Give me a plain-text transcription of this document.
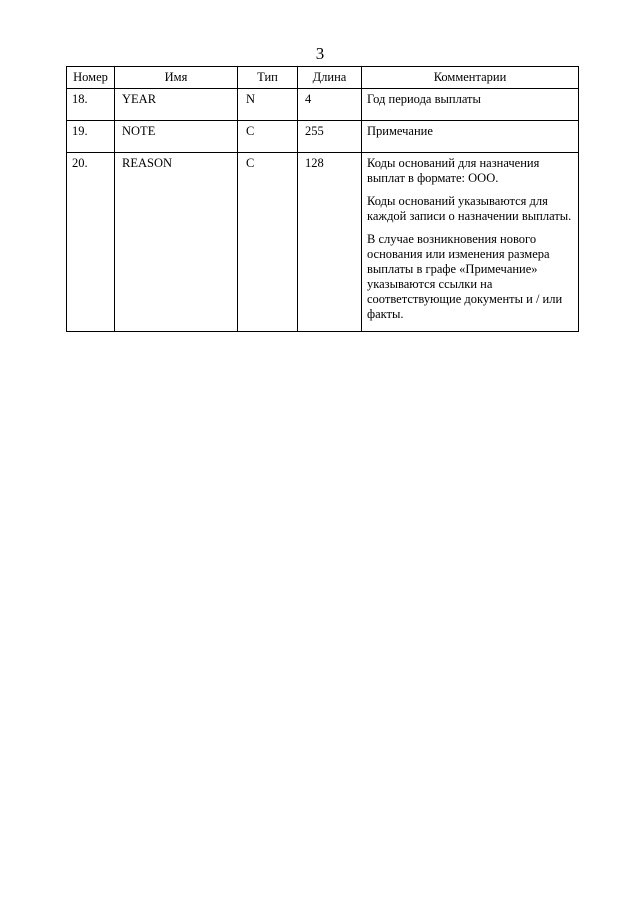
3
Номер	Имя	Тип	Длина	Комментарии
18.	YEAR	N	4	Год периода выплаты

19.	NOTE	C	255	Примечание

20.	REASON	C	128	Коды оснований для назначения выплат в формате: ООО.

Коды оснований указываются для каждой записи о назначении выплаты.

В случае возникновения нового основания или изменения размера выплаты в графе «Примечание» указываются ссылки на соответствующие документы и / или факты.
